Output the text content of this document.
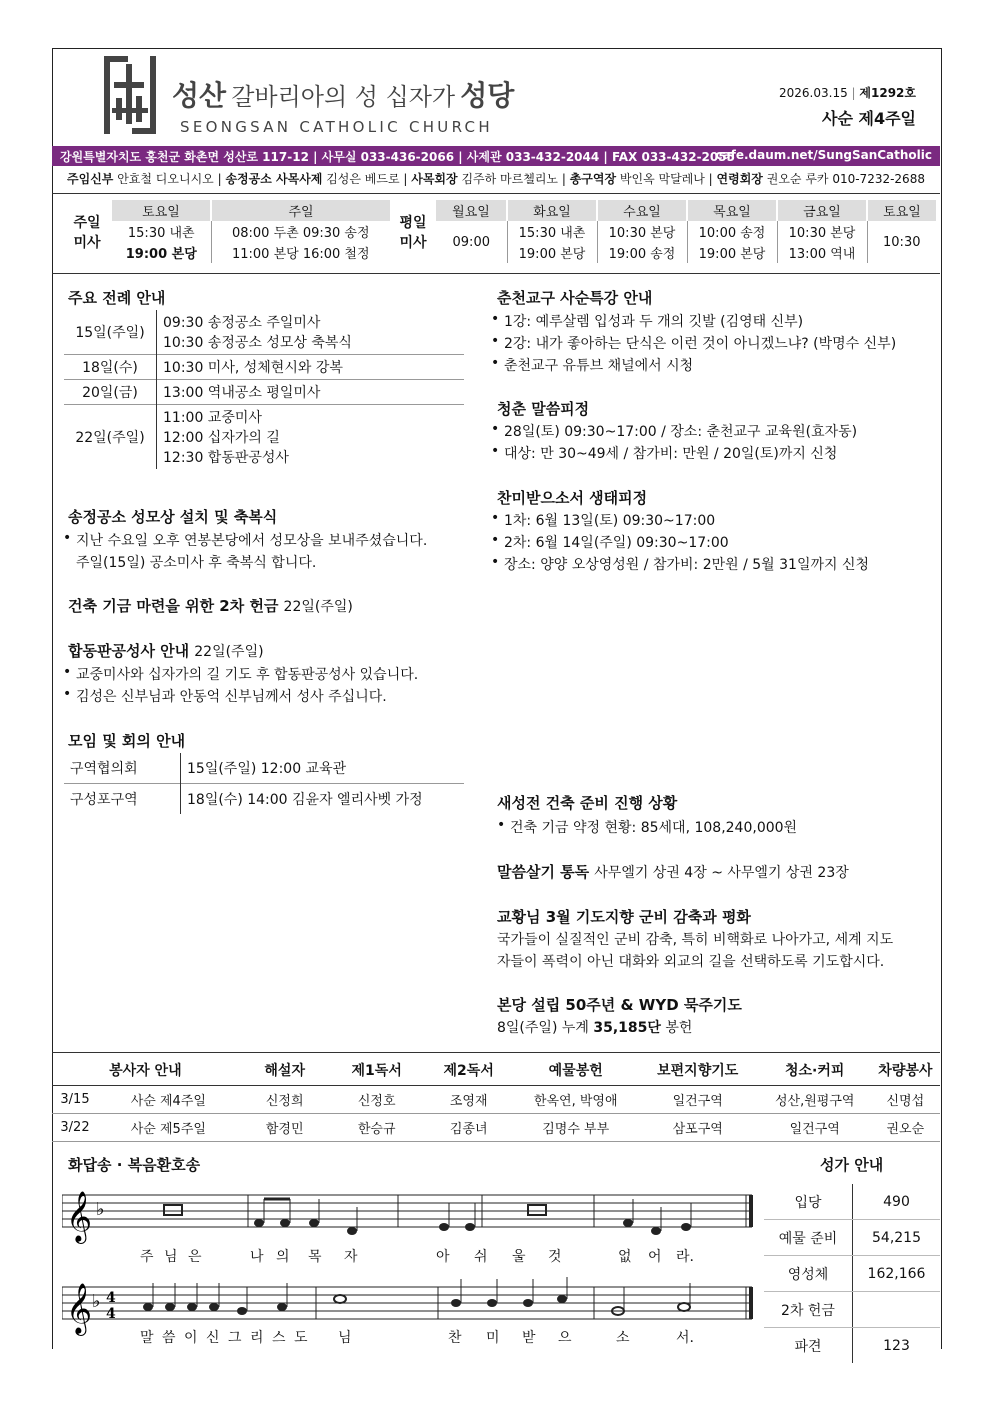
성산 갈바리아의 성 십자가 성당
SEONGSAN CATHOLIC CHURCH
2026.03.15 | 제1292호
사순 제4주일
강원특별자치도 홍천군 화촌면 성산로 117-12 | 사무실 033-436-2066 | 사제관 033-432-2044 | FAX 033-432-2055
cafe.daum.net/SungSanCatholic
주임신부 안효철 디오니시오 | 송정공소 사목사제 김성은 베드로 | 사목회장 김주하 마르첼리노 | 총구역장 박인옥 막달레나 | 연령회장 권오순 루카 010-7232-2688
주일미사
토요일	주일
15:30 내촌	08:00 두촌 09:30 송정
19:00 본당	11:00 본당 16:00 철정
평일미사
월요일	화요일	수요일	목요일	금요일	토요일
09:00	15:30 내촌	10:30 본당	10:00 송정	10:30 본당	10:30
	19:00 본당	19:00 송정	19:00 본당	13:00 역내	
주요 전례 안내
15일(주일)	09:30 송정공소 주일미사
10:30 송정공소 성모상 축복식

18일(수)	10:30 미사, 성체현시와 강복
20일(금)	13:00 역내공소 평일미사
22일(주일)	11:00 교중미사
12:00 십자가의 길
12:30 합동판공성사
송정공소 성모상 설치 및 축복식
• 지난 수요일 오후 연봉본당에서 성모상을 보내주셨습니다.
주일(15일) 공소미사 후 축복식 합니다.
건축 기금 마련을 위한 2차 헌금 22일(주일)
합동판공성사 안내 22일(주일)
• 교중미사와 십자가의 길 기도 후 합동판공성사 있습니다.
• 김성은 신부님과 안동억 신부님께서 성사 주십니다.
모임 및 회의 안내
구역협의회	15일(주일) 12:00 교육관
구성포구역	18일(수) 14:00 김윤자 엘리사벳 가정
춘천교구 사순특강 안내
• 1강: 예루살렘 입성과 두 개의 깃발 (김영태 신부)
• 2강: 내가 좋아하는 단식은 이런 것이 아니겠느냐? (박명수 신부)
• 춘천교구 유튜브 채널에서 시청
청춘 말씀피정
• 28일(토) 09:30~17:00 / 장소: 춘천교구 교육원(효자동)
• 대상: 만 30~49세 / 참가비: 만원 / 20일(토)까지 신청
찬미받으소서 생태피정
• 1차: 6월 13일(토) 09:30~17:00
• 2차: 6월 14일(주일) 09:30~17:00
• 장소: 양양 오상영성원 / 참가비: 2만원 / 5월 31일까지 신청
새성전 건축 준비 진행 상황
• 건축 기금 약정 현황: 85세대, 108,240,000원
말씀살기 통독 사무엘기 상권 4장 ~ 사무엘기 상권 23장
교황님 3월 기도지향 군비 감축과 평화
국가들이 실질적인 군비 감축, 특히 비핵화로 나아가고, 세계 지도
자들이 폭력이 아닌 대화와 외교의 길을 선택하도록 기도합시다.
본당 설립 50주년 & WYD 묵주기도
8일(주일) 누계 35,185단 봉헌
봉사자 안내		해설자	제1독서	제2독서	예물봉헌	보편지향기도	청소·커피	차량봉사
3/15	사순 제4주일	신정희	신정호	조영재	한옥연, 박영애	일건구역	성산,원평구역	신명섭
3/22	사순 제5주일	함경민	한승규	김종녀	김명수 부부	삼포구역	일건구역	권오순
화답송 · 복음환호송
𝄞 ♭
주 님 은	나 의 목 자	아 쉬 울 것	없 어 라.
𝄞 ♭ 4
4
말 씀 이 신 그 리 스 도 님	찬 미 받 으	소	서.
성가 안내
입당	490
예물 준비	54,215
영성체	162,166
2차 헌금	
파견	123
